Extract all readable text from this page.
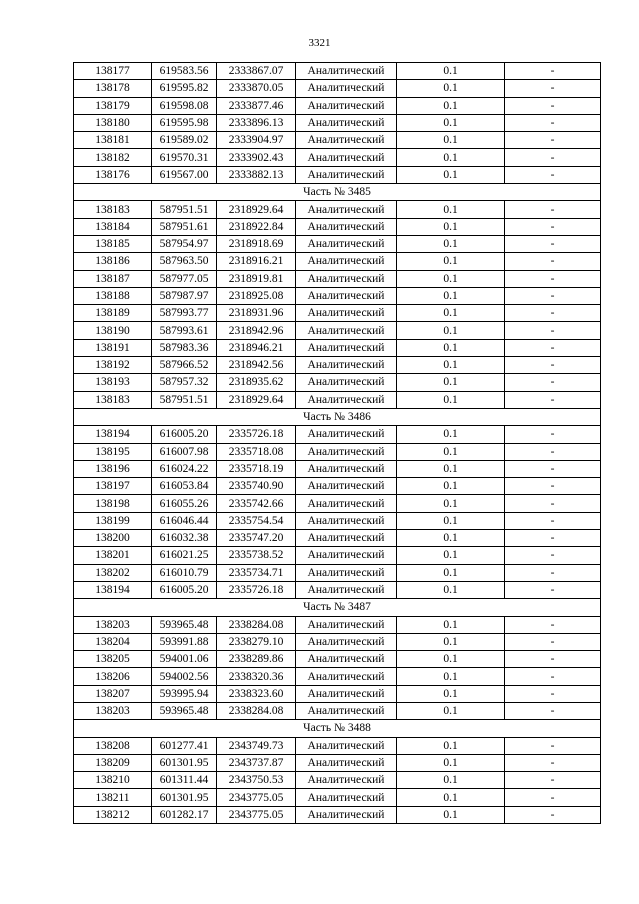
3321
138177	619583.56	2333867.07	Аналитический	0.1	-
138178	619595.82	2333870.05	Аналитический	0.1	-
138179	619598.08	2333877.46	Аналитический	0.1	-
138180	619595.98	2333896.13	Аналитический	0.1	-
138181	619589.02	2333904.97	Аналитический	0.1	-
138182	619570.31	2333902.43	Аналитический	0.1	-
138176	619567.00	2333882.13	Аналитический	0.1	-
Часть № 3485					
138183	587951.51	2318929.64	Аналитический	0.1	-
138184	587951.61	2318922.84	Аналитический	0.1	-
138185	587954.97	2318918.69	Аналитический	0.1	-
138186	587963.50	2318916.21	Аналитический	0.1	-
138187	587977.05	2318919.81	Аналитический	0.1	-
138188	587987.97	2318925.08	Аналитический	0.1	-
138189	587993.77	2318931.96	Аналитический	0.1	-
138190	587993.61	2318942.96	Аналитический	0.1	-
138191	587983.36	2318946.21	Аналитический	0.1	-
138192	587966.52	2318942.56	Аналитический	0.1	-
138193	587957.32	2318935.62	Аналитический	0.1	-
138183	587951.51	2318929.64	Аналитический	0.1	-
Часть № 3486					
138194	616005.20	2335726.18	Аналитический	0.1	-
138195	616007.98	2335718.08	Аналитический	0.1	-
138196	616024.22	2335718.19	Аналитический	0.1	-
138197	616053.84	2335740.90	Аналитический	0.1	-
138198	616055.26	2335742.66	Аналитический	0.1	-
138199	616046.44	2335754.54	Аналитический	0.1	-
138200	616032.38	2335747.20	Аналитический	0.1	-
138201	616021.25	2335738.52	Аналитический	0.1	-
138202	616010.79	2335734.71	Аналитический	0.1	-
138194	616005.20	2335726.18	Аналитический	0.1	-
Часть № 3487					
138203	593965.48	2338284.08	Аналитический	0.1	-
138204	593991.88	2338279.10	Аналитический	0.1	-
138205	594001.06	2338289.86	Аналитический	0.1	-
138206	594002.56	2338320.36	Аналитический	0.1	-
138207	593995.94	2338323.60	Аналитический	0.1	-
138203	593965.48	2338284.08	Аналитический	0.1	-
Часть № 3488					
138208	601277.41	2343749.73	Аналитический	0.1	-
138209	601301.95	2343737.87	Аналитический	0.1	-
138210	601311.44	2343750.53	Аналитический	0.1	-
138211	601301.95	2343775.05	Аналитический	0.1	-
138212	601282.17	2343775.05	Аналитический	0.1	-
